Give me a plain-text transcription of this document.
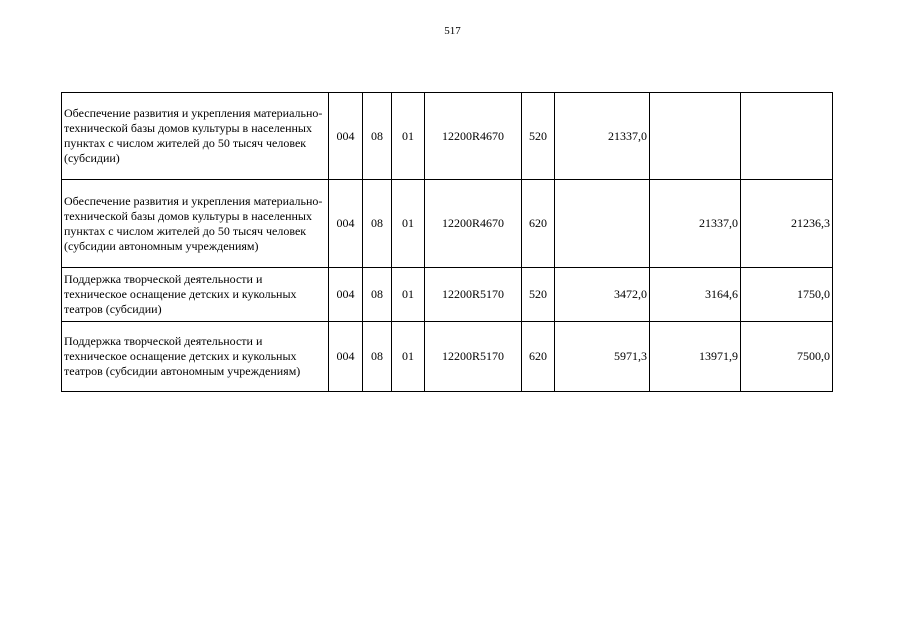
517
Обеспечение развития и укрепления материально-технической базы домов культуры в населенных пунктах с числом жителей до 50 тысяч человек (субсидии)	004	08	01	12200R4670	520	21337,0		
Обеспечение развития и укрепления материально-технической базы домов культуры в населенных пунктах с числом жителей до 50 тысяч человек (субсидии автономным учреждениям)	004	08	01	12200R4670	620		21337,0	21236,3
Поддержка творческой деятельности и техническое оснащение детских и кукольных театров (субсидии)	004	08	01	12200R5170	520	3472,0	3164,6	1750,0
Поддержка творческой деятельности и техническое оснащение детских и кукольных театров (субсидии автономным учреждениям)	004	08	01	12200R5170	620	5971,3	13971,9	7500,0
